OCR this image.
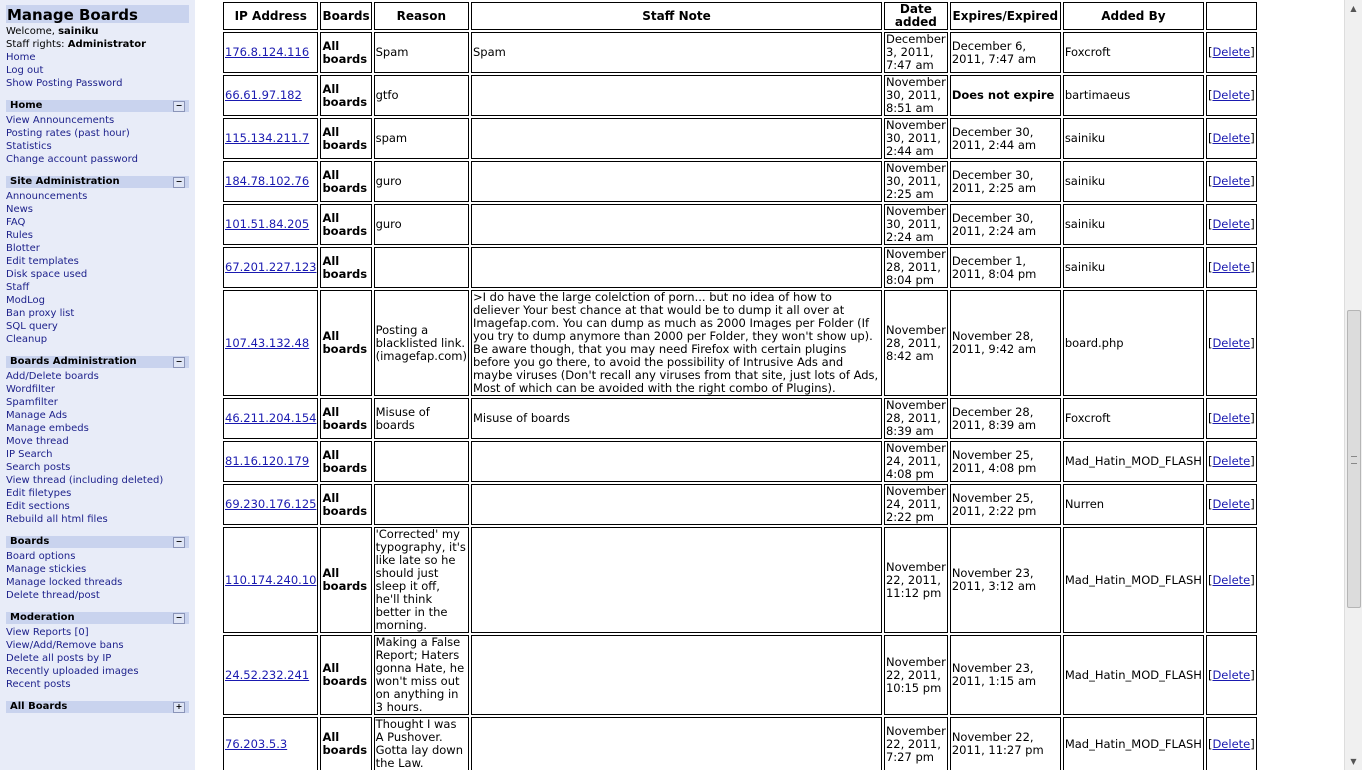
Manage Boards
Welcome, sainiku
Staff rights: Administrator
Home
Log out
Show Posting Password
Home	−
View Announcements
Posting rates (past hour)
Statistics
Change account password
Site Administration	−
Announcements
News
FAQ
Rules
Blotter
Edit templates
Disk space used
Staff
ModLog
Ban proxy list
SQL query
Cleanup
Boards Administration	−
Add/Delete boards
Wordfilter
Spamfilter
Manage Ads
Manage embeds
Move thread
IP Search
Search posts
View thread (including deleted)
Edit filetypes
Edit sections
Rebuild all html files
Boards	−
Board options
Manage stickies
Manage locked threads
Delete thread/post
Moderation	−
View Reports [0]
View/Add/Remove bans
Delete all posts by IP
Recently uploaded images
Recent posts
All Boards	+
IP Address	Boards	Reason	Staff Note	Date added	Expires/Expired	Added By	
176.8.124.116	All boards	Spam	Spam	December 3, 2011, 7:47 am	December 6, 2011, 7:47 am	Foxcroft	[Delete]
66.61.97.182	All boards	gtfo		November 30, 2011, 8:51 am	Does not expire	bartimaeus	[Delete]
115.134.211.7	All boards	spam		November 30, 2011, 2:44 am	December 30, 2011, 2:44 am	sainiku	[Delete]
184.78.102.76	All boards	guro		November 30, 2011, 2:25 am	December 30, 2011, 2:25 am	sainiku	[Delete]
101.51.84.205	All boards	guro		November 30, 2011, 2:24 am	December 30, 2011, 2:24 am	sainiku	[Delete]
67.201.227.123	All boards			November 28, 2011, 8:04 pm	December 1, 2011, 8:04 pm	sainiku	[Delete]
107.43.132.48	All boards	Posting a blacklisted link. (imagefap.com)	>I do have the large colelction of porn... but no idea of how to deliever Your best chance at that would be to dump it all over at Imagefap.com. You can dump as much as 2000 Images per Folder (If you try to dump anymore than 2000 per Folder, they won't show up). Be aware though, that you may need Firefox with certain plugins before you go there, to avoid the possibility of Intrusive Ads and maybe viruses (Don't recall any viruses from that site, just lots of Ads, Most of which can be avoided with the right combo of Plugins).	November 28, 2011, 8:42 am	November 28, 2011, 9:42 am	board.php	[Delete]
46.211.204.154	All boards	Misuse of boards	Misuse of boards	November 28, 2011, 8:39 am	December 28, 2011, 8:39 am	Foxcroft	[Delete]
81.16.120.179	All boards			November 24, 2011, 4:08 pm	November 25, 2011, 4:08 pm	Mad_Hatin_MOD_FLASH	[Delete]
69.230.176.125	All boards			November 24, 2011, 2:22 pm	November 25, 2011, 2:22 pm	Nurren	[Delete]
110.174.240.10	All boards	'Corrected' my typography, it's like late so he should just sleep it off, he'll think better in the morning.		November 22, 2011, 11:12 pm	November 23, 2011, 3:12 am	Mad_Hatin_MOD_FLASH	[Delete]
24.52.232.241	All boards	Making a False Report; Haters gonna Hate, he won't miss out on anything in 3 hours.		November 22, 2011, 10:15 pm	November 23, 2011, 1:15 am	Mad_Hatin_MOD_FLASH	[Delete]
76.203.5.3	All boards	Thought I was A Pushover. Gotta lay down the Law.		November 22, 2011, 7:27 pm	November 22, 2011, 11:27 pm	Mad_Hatin_MOD_FLASH	[Delete]
▲
▼
